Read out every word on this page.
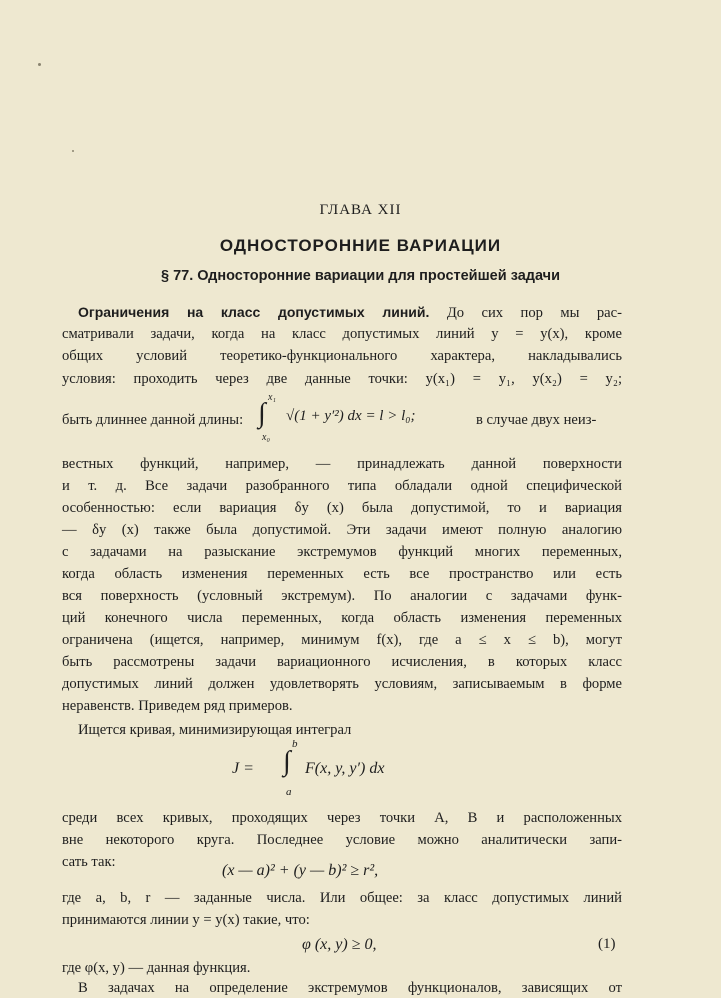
ГЛАВА XII
ОДНОСТОРОННИЕ ВАРИАЦИИ
§ 77. Односторонние вариации для простейшей задачи
Ограничения на класс допустимых линий. До сих пор мы рас-
сматривали задачи, когда на класс допустимых линий y = y(x), кроме
общих условий теоретико-функционального характера, накладывались
условия: проходить через две данные точки: y(x₁) = y₁, y(x₂) = y₂;
быть длиннее данной длины:
x₁
∫
x₀
√(1 + y′²) dx = l > l₀;	в случае двух неиз-
вестных функций, например, — принадлежать данной поверхности
и т. д. Все задачи разобранного типа обладали одной специфической
особенностью: если вариация δy (x) была допустимой, то и вариация
— δy (x) также была допустимой. Эти задачи имеют полную аналогию
с задачами на разыскание экстремумов функций многих переменных,
когда область изменения переменных есть все пространство или есть
вся поверхность (условный экстремум). По аналогии с задачами функ-
ций конечного числа переменных, когда область изменения переменных
ограничена (ищется, например, минимум f(x), где a ≤ x ≤ b), могут
быть рассмотрены задачи вариационного исчисления, в которых класс
допустимых линий должен удовлетворять условиям, записываемым в форме
неравенств. Приведем ряд примеров.
Ищется кривая, минимизирующая интеграл
b
J = ∫ F(x, y, y′) dx
a
среди всех кривых, проходящих через точки A, B и расположенных
вне некоторого круга. Последнее условие можно аналитически запи-
сать так:	(x — a)² + (y — b)² ≥ r²,
где a, b, r — заданные числа. Или общее: за класс допустимых линий
принимаются линии y = y(x) такие, что:
φ (x, y) ≥ 0,	(1)
где φ(x, y) — данная функция.
В задачах на определение экстремумов функционалов, зависящих от
